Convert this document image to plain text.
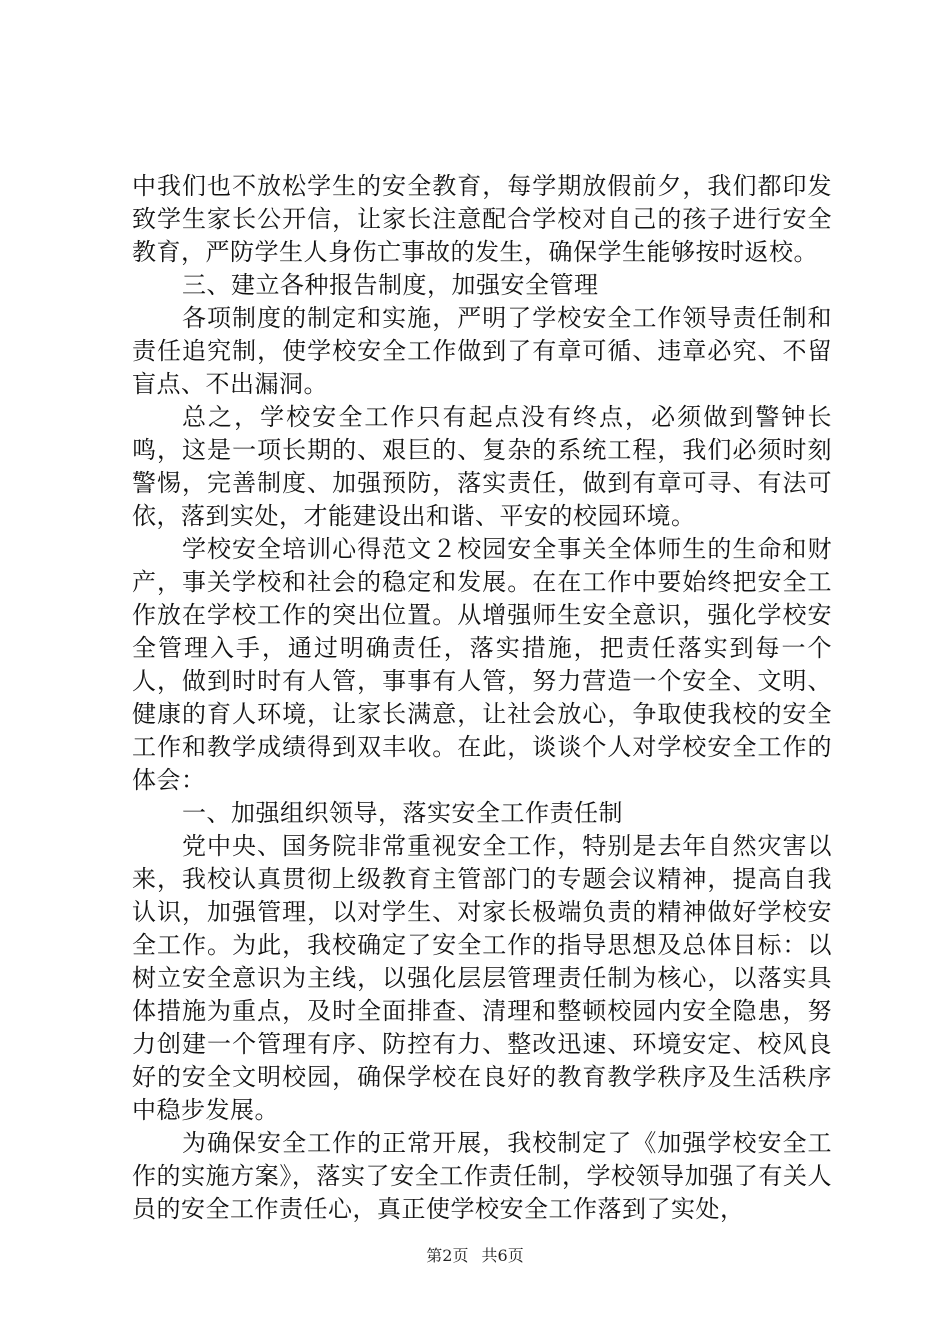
中我们也不放松学生的安全教育，每学期放假前夕，我们都印发致学生家长公开信，让家长注意配合学校对自己的孩子进行安全教育，严防学生人身伤亡事故的发生，确保学生能够按时返校。

三、建立各种报告制度，加强安全管理

各项制度的制定和实施，严明了学校安全工作领导责任制和责任追究制，使学校安全工作做到了有章可循、违章必究、不留盲点、不出漏洞。

总之，学校安全工作只有起点没有终点，必须做到警钟长鸣，这是一项长期的、艰巨的、复杂的系统工程，我们必须时刻警惕，完善制度、加强预防，落实责任，做到有章可寻、有法可依，落到实处，才能建设出和谐、平安的校园环境。

学校安全培训心得范文２校园安全事关全体师生的生命和财产，事关学校和社会的稳定和发展。在在工作中要始终把安全工作放在学校工作的突出位置。从增强师生安全意识，强化学校安全管理入手，通过明确责任，落实措施，把责任落实到每一个人，做到时时有人管，事事有人管，努力营造一个安全、文明、健康的育人环境，让家长满意，让社会放心，争取使我校的安全工作和教学成绩得到双丰收。在此，谈谈个人对学校安全工作的体会：

一、加强组织领导，落实安全工作责任制

党中央、国务院非常重视安全工作，特别是去年自然灾害以来，我校认真贯彻上级教育主管部门的专题会议精神，提高自我认识，加强管理，以对学生、对家长极端负责的精神做好学校安全工作。为此，我校确定了安全工作的指导思想及总体目标：以树立安全意识为主线，以强化层层管理责任制为核心，以落实具体措施为重点，及时全面排查、清理和整顿校园内安全隐患，努力创建一个管理有序、防控有力、整改迅速、环境安定、校风良好的安全文明校园，确保学校在良好的教育教学秩序及生活秩序中稳步发展。

为确保安全工作的正常开展，我校制定了《加强学校安全工作的实施方案》，落实了安全工作责任制，学校领导加强了有关人员的安全工作责任心，真正使学校安全工作落到了实处，

第2页 共6页
